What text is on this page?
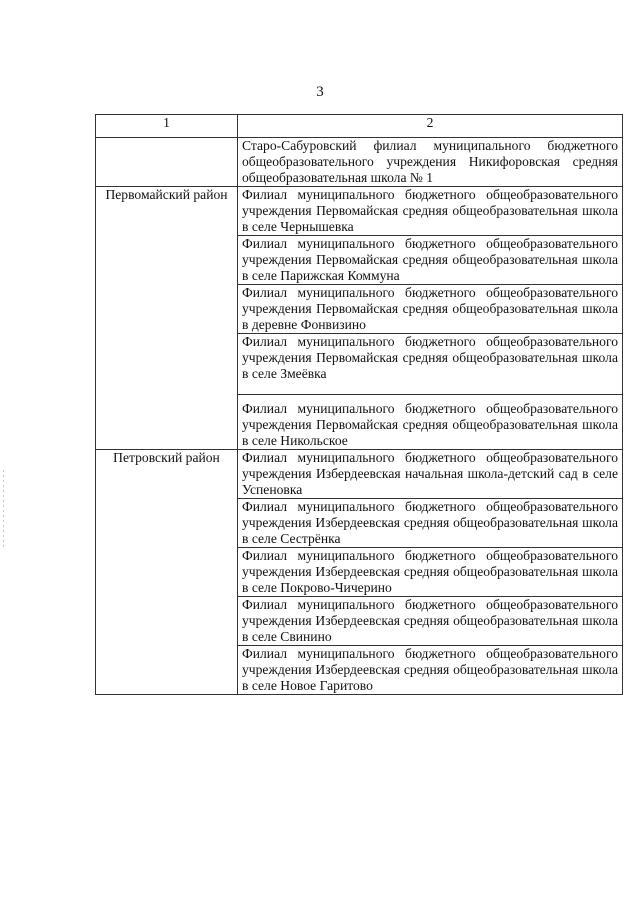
3
1	2
	Старо-Сабуровский филиал муниципального бюджетного общеобразовательного учреждения Никифоровская средняя общеобразовательная школа № 1
Первомайский район	Филиал муниципального бюджетного общеобразовательного учреждения Первомайская средняя общеобразовательная школа в селе Чернышевка
	Филиал муниципального бюджетного общеобразовательного учреждения Первомайская средняя общеобразовательная школа в селе Парижская Коммуна
	Филиал муниципального бюджетного общеобразовательного учреждения Первомайская средняя общеобразовательная школа в деревне Фонвизино
	Филиал муниципального бюджетного общеобразовательного учреждения Первомайская средняя общеобразовательная школа в селе Змеёвка
	Филиал муниципального бюджетного общеобразовательного учреждения Первомайская средняя общеобразовательная школа в селе Никольское
Петровский район	Филиал муниципального бюджетного общеобразовательного учреждения Избердеевская начальная школа-детский сад в селе Успеновка
	Филиал муниципального бюджетного общеобразовательного учреждения Избердеевская средняя общеобразовательная школа в селе Сестрёнка
	Филиал муниципального бюджетного общеобразовательного учреждения Избердеевская средняя общеобразовательная школа в селе Покрово-Чичерино
	Филиал муниципального бюджетного общеобразовательного учреждения Избердеевская средняя общеобразовательная школа в селе Свинино
	Филиал муниципального бюджетного общеобразовательного учреждения Избердеевская средняя общеобразовательная школа в селе Новое Гаритово
